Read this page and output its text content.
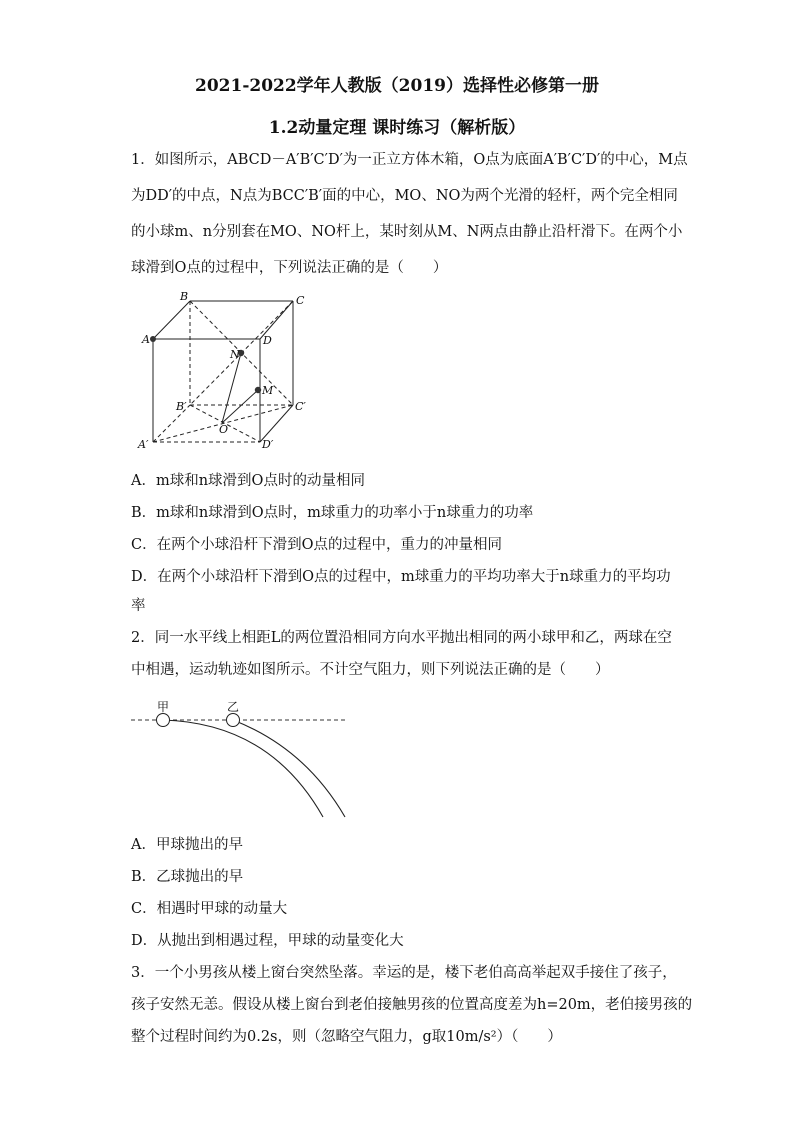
2021-2022学年人教版（2019）选择性必修第一册
1.2动量定理 课时练习（解析版）
1．如图所示，ABCD－A′B′C′D′为一正立方体木箱，O点为底面A′B′C′D′的中心，M点
为DD′的中点，N点为BCC′B′面的中心，MO、NO为两个光滑的轻杆，两个完全相同
的小球m、n分别套在MO、NO杆上，某时刻从M、N两点由静止沿杆滑下。在两个小
球滑到O点的过程中，下列说法正确的是（　　）
B	C
A	D
N
M
B′	C′
O
A′	D′
A．m球和n球滑到O点时的动量相同
B．m球和n球滑到O点时，m球重力的功率小于n球重力的功率
C．在两个小球沿杆下滑到O点的过程中，重力的冲量相同
D．在两个小球沿杆下滑到O点的过程中，m球重力的平均功率大于n球重力的平均功
率
2．同一水平线上相距L的两位置沿相同方向水平抛出相同的两小球甲和乙，两球在空
中相遇，运动轨迹如图所示。不计空气阻力，则下列说法正确的是（　　）
甲	乙
A．甲球抛出的早
B．乙球抛出的早
C．相遇时甲球的动量大
D．从抛出到相遇过程，甲球的动量变化大
3．一个小男孩从楼上窗台突然坠落。幸运的是，楼下老伯高高举起双手接住了孩子，
孩子安然无恙。假设从楼上窗台到老伯接触男孩的位置高度差为h=20m，老伯接男孩的
整个过程时间约为0.2s，则（忽略空气阻力，g取10m/s²）（　　）
